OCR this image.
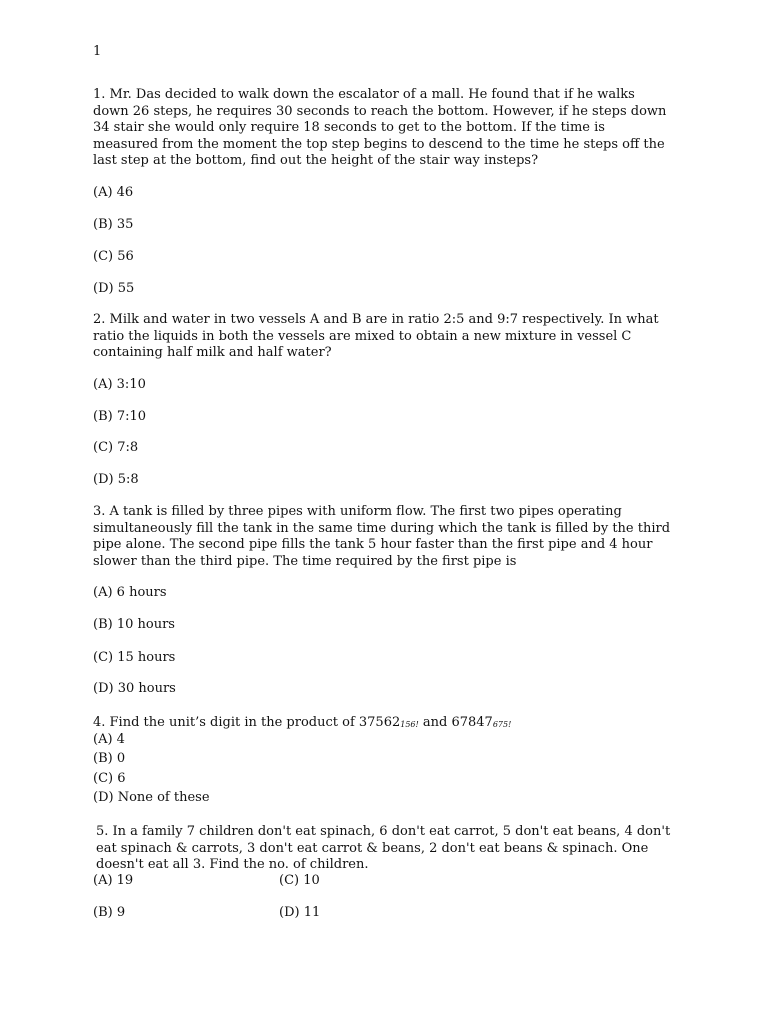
1
1. Mr. Das decided to walk down the escalator of a mall. He found that if he walks down 26 steps, he requires 30 seconds to reach the bottom. However, if he steps down 34 stair she would only require 18 seconds to get to the bottom. If the time is measured from the moment the top step begins to descend to the time he steps off the last step at the bottom, find out the height of the stair way insteps?
(A) 46
(B) 35
(C) 56
(D) 55
2. Milk and water in two vessels A and B are in ratio 2:5 and 9:7 respectively. In what ratio the liquids in both the vessels are mixed to obtain a new mixture in vessel C containing half milk and half water?
(A) 3:10
(B) 7:10
(C) 7:8
(D) 5:8
3. A tank is filled by three pipes with uniform flow. The first two pipes operating simultaneously fill the tank in the same time during which the tank is filled by the third pipe alone. The second pipe fills the tank 5 hour faster than the first pipe and 4 hour slower than the third pipe. The time required by the first pipe is
(A) 6 hours
(B) 10 hours
(C) 15 hours
(D) 30 hours
4. Find the unit’s digit in the product of $37562_{156!}$ and $67847_{675!}$
(A) 4
(B) 0
(C) 6
(D) None of these
5. In a family 7 children don't eat spinach, 6 don't eat carrot, 5 don't eat beans, 4 don't eat spinach & carrots, 3 don't eat carrot & beans, 2 don't eat beans & spinach. One doesn't eat all 3. Find the no. of children.
(A) 19	(C) 10
(B) 9	(D) 11
